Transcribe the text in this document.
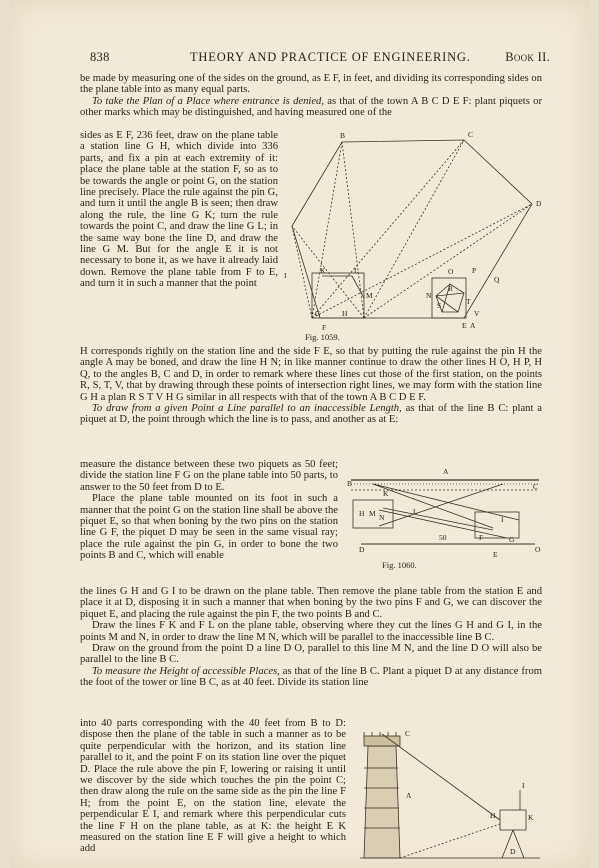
838	THEORY AND PRACTICE OF ENGINEERING.	Book II.

be made by measuring one of the sides on the ground, as E F, in feet, and dividing its corresponding sides on the plane table into as many equal parts.

To take the Plan of a Place where entrance is denied, as that of the town A B C D E F: plant piquets or other marks which may be distinguished, and having measured one of the

sides as E F, 236 feet, draw on the plane table a station line G H, which divide into 336 parts, and fix a pin at each extremity of it: place the plane table at the station F, so as to be towards the angle or point G, on the station line precisely. Place the rule against the pin G, and turn it until the angle B is seen; then draw along the rule, the line G K; turn the rule towards the point C, and draw the line G L; in the same way bone the line D, and draw the line G M. But for the angle E it is not necessary to bone it, as we have it already laid down. Remove the plane table from F to E, and turn it in such a manner that the point

B	C
D
E
F
G	H
I
K	L
M	N
O P
Q
R
S	T
V
A
Fig. 1059.

H corresponds rightly on the station line and the side F E, so that by putting the rule against the pin H the angle A may be boned, and draw the line H N; in like manner continue to draw the other lines H O, H P, H Q, to the angles B, C and D, in order to remark where these lines cut those of the first station, on the points R, S, T, V, that by drawing through these points of intersection right lines, we may form with the station line G H a plan R S T V H G similar in all respects with that of the town A B C D E F.

To draw from a given Point a Line parallel to an inaccessible Length, as that of the line B C: plant a piquet at D, the point through which the line is to pass, and another as at E:

measure the distance between these two piquets as 50 feet; divide the station line F G on the plane table into 50 parts, to answer to the 50 feet from D to E.

Place the plane table mounted on its foot in such a manner that the point G on the station line shall be above the piquet E, so that when boning by the two pins on the station line G F, the piquet D may be seen in the same visual ray; place the rule against the pin G, in order to bone the two points B and C, which will enable

A
B	C
D
E
F	G
H
I
K
L
M N
O
50
Fig. 1060.

the lines G H and G I to be drawn on the plane table. Then remove the plane table from the station E and place it at D, disposing it in such a manner that when boning by the two pins F and G, we can discover the piquet E, and placing the rule against the pin F, the two points B and C.

Draw the lines F K and F L on the plane table, observing where they cut the lines G H and G I, in the points M and N, in order to draw the line M N, which will be parallel to the inaccessible line B C.

Draw on the ground from the point D a line D O, parallel to this line M N, and the line D O will also be parallel to the line B C.

To measure the Height of accessible Places, as that of the line B C. Plant a piquet D at any distance from the foot of the tower or line B C, as at 40 feet. Divide its station line

into 40 parts corresponding with the 40 feet from B to D: dispose then the plane of the table in such a manner as to be quite perpendicular with the horizon, and its station line parallel to it, and the point F on its station line over the piquet D. Place the rule above the pin F, lowering or raising it until we discover by the side which touches the pin the point C; then draw along the rule on the same side as the pin the line F H; from the point E, on the station line, elevate the perpendicular E I, and remark where this perpendicular cuts the line F H on the plane table, as at K: the height E K measured on the station line E F will give a height to which add

C
A
I
H	K
D
